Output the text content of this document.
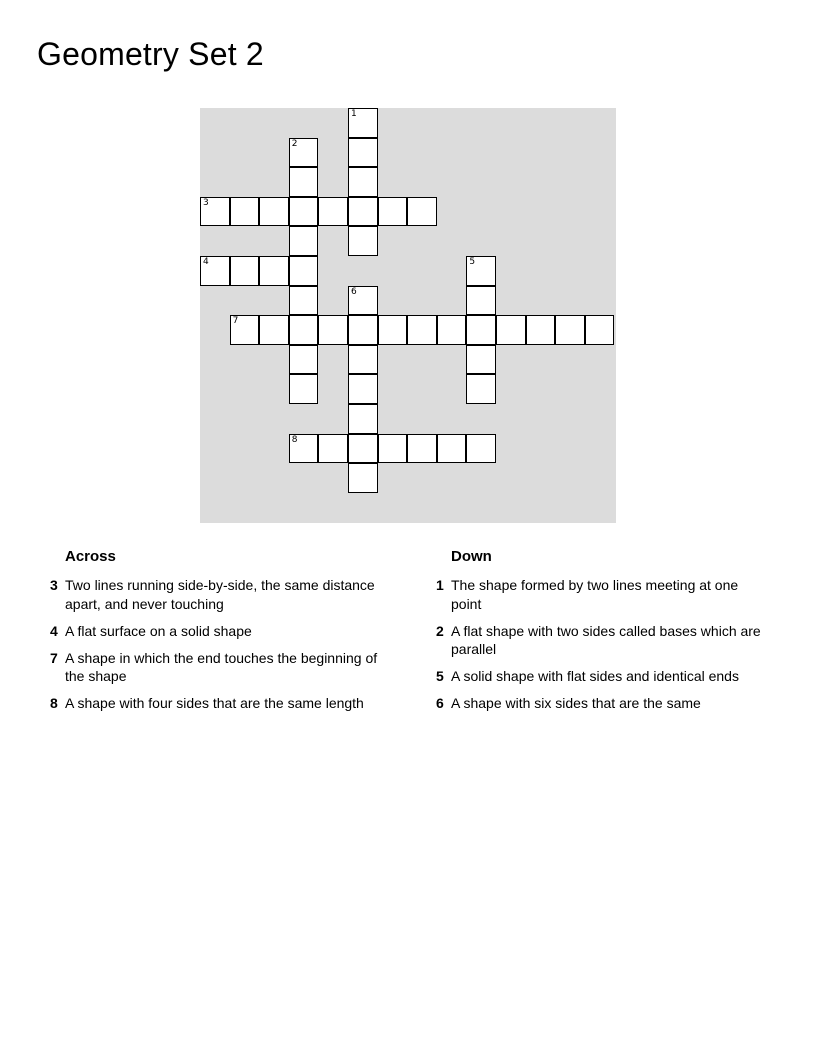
Geometry Set 2
3
4
7
8
1
2
5
6
Across
3 Two lines running side-by-side, the same distance apart, and never touching
4 A flat surface on a solid shape
7 A shape in which the end touches the beginning of the shape
8 A shape with four sides that are the same length
Down
1 The shape formed by two lines meeting at one point
2 A flat shape with two sides called bases which are parallel
5 A solid shape with flat sides and identical ends
6 A shape with six sides that are the same
